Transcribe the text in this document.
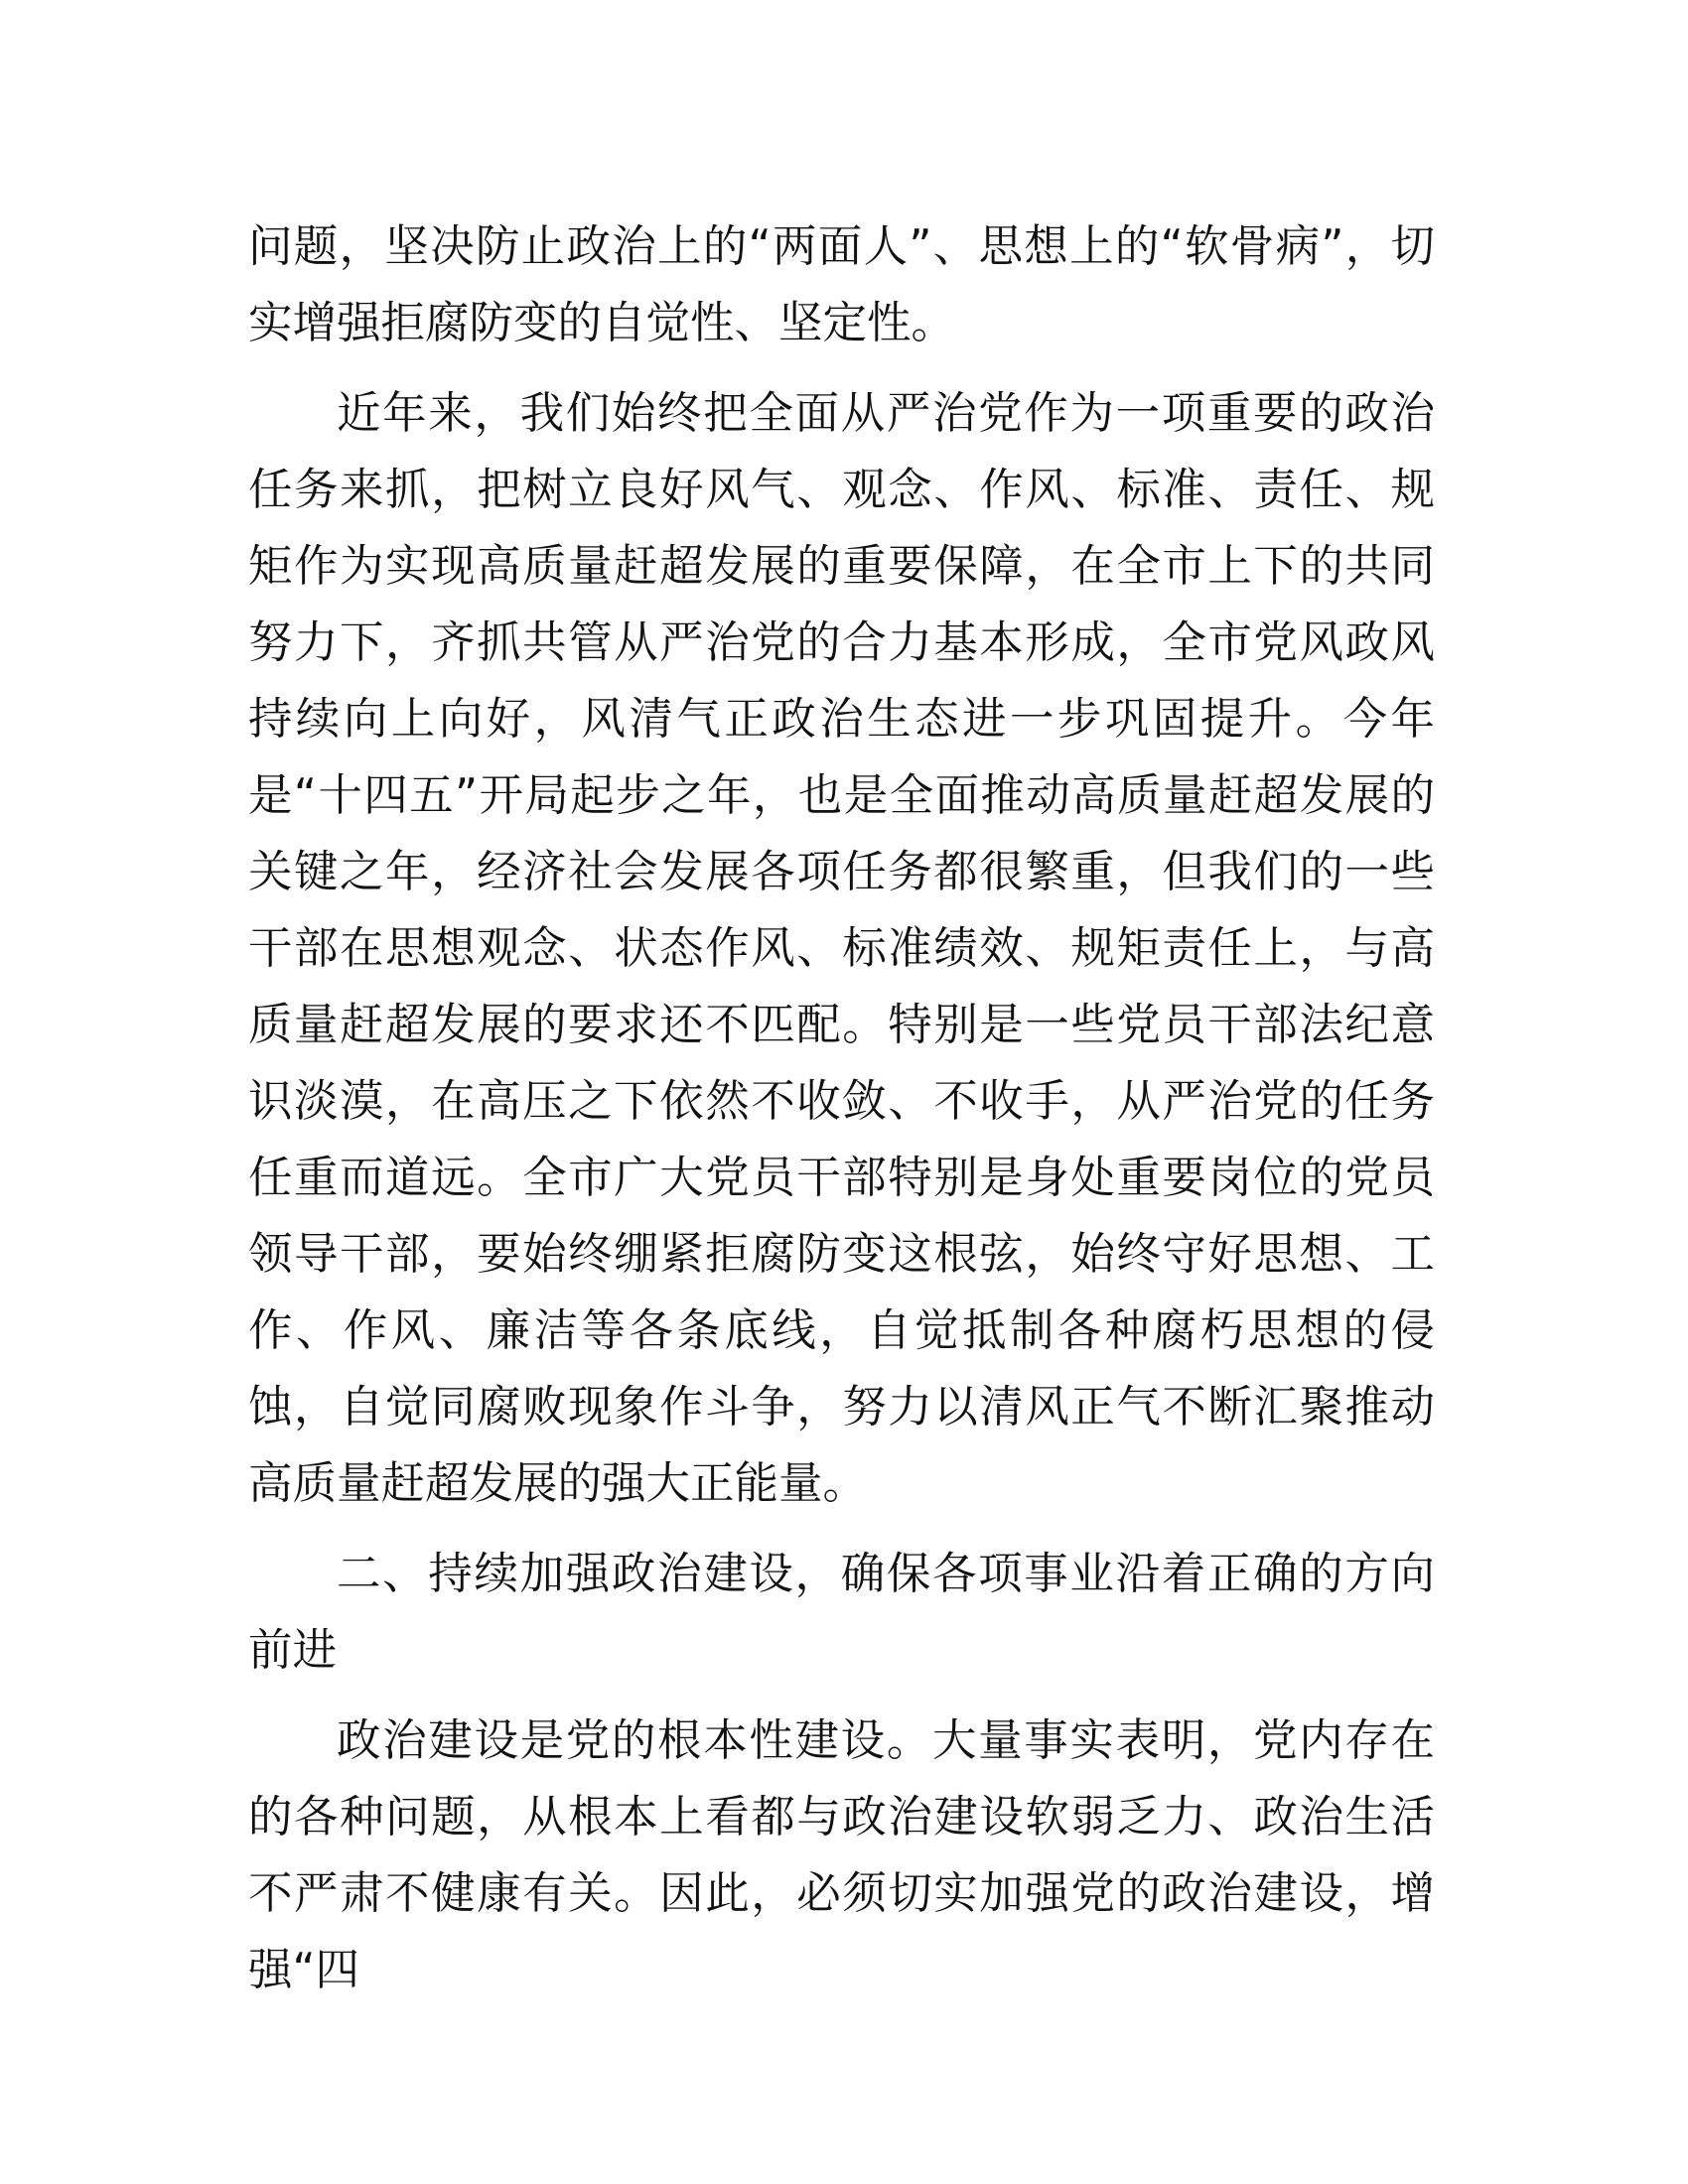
问题，坚决防止政治上的“两面人”、思想上的“软骨病”，切实增强拒腐防变的自觉性、坚定性。

近年来，我们始终把全面从严治党作为一项重要的政治任务来抓，把树立良好风气、观念、作风、标准、责任、规矩作为实现高质量赶超发展的重要保障，在全市上下的共同努力下，齐抓共管从严治党的合力基本形成，全市党风政风持续向上向好，风清气正政治生态进一步巩固提升。今年是“十四五”开局起步之年，也是全面推动高质量赶超发展的关键之年，经济社会发展各项任务都很繁重，但我们的一些干部在思想观念、状态作风、标准绩效、规矩责任上，与高质量赶超发展的要求还不匹配。特别是一些党员干部法纪意识淡漠，在高压之下依然不收敛、不收手，从严治党的任务任重而道远。全市广大党员干部特别是身处重要岗位的党员领导干部，要始终绷紧拒腐防变这根弦，始终守好思想、工作、作风、廉洁等各条底线，自觉抵制各种腐朽思想的侵蚀，自觉同腐败现象作斗争，努力以清风正气不断汇聚推动高质量赶超发展的强大正能量。

二、持续加强政治建设，确保各项事业沿着正确的方向前进

政治建设是党的根本性建设。大量事实表明，党内存在的各种问题，从根本上看都与政治建设软弱乏力、政治生活不严肃不健康有关。因此，必须切实加强党的政治建设，增强“四
